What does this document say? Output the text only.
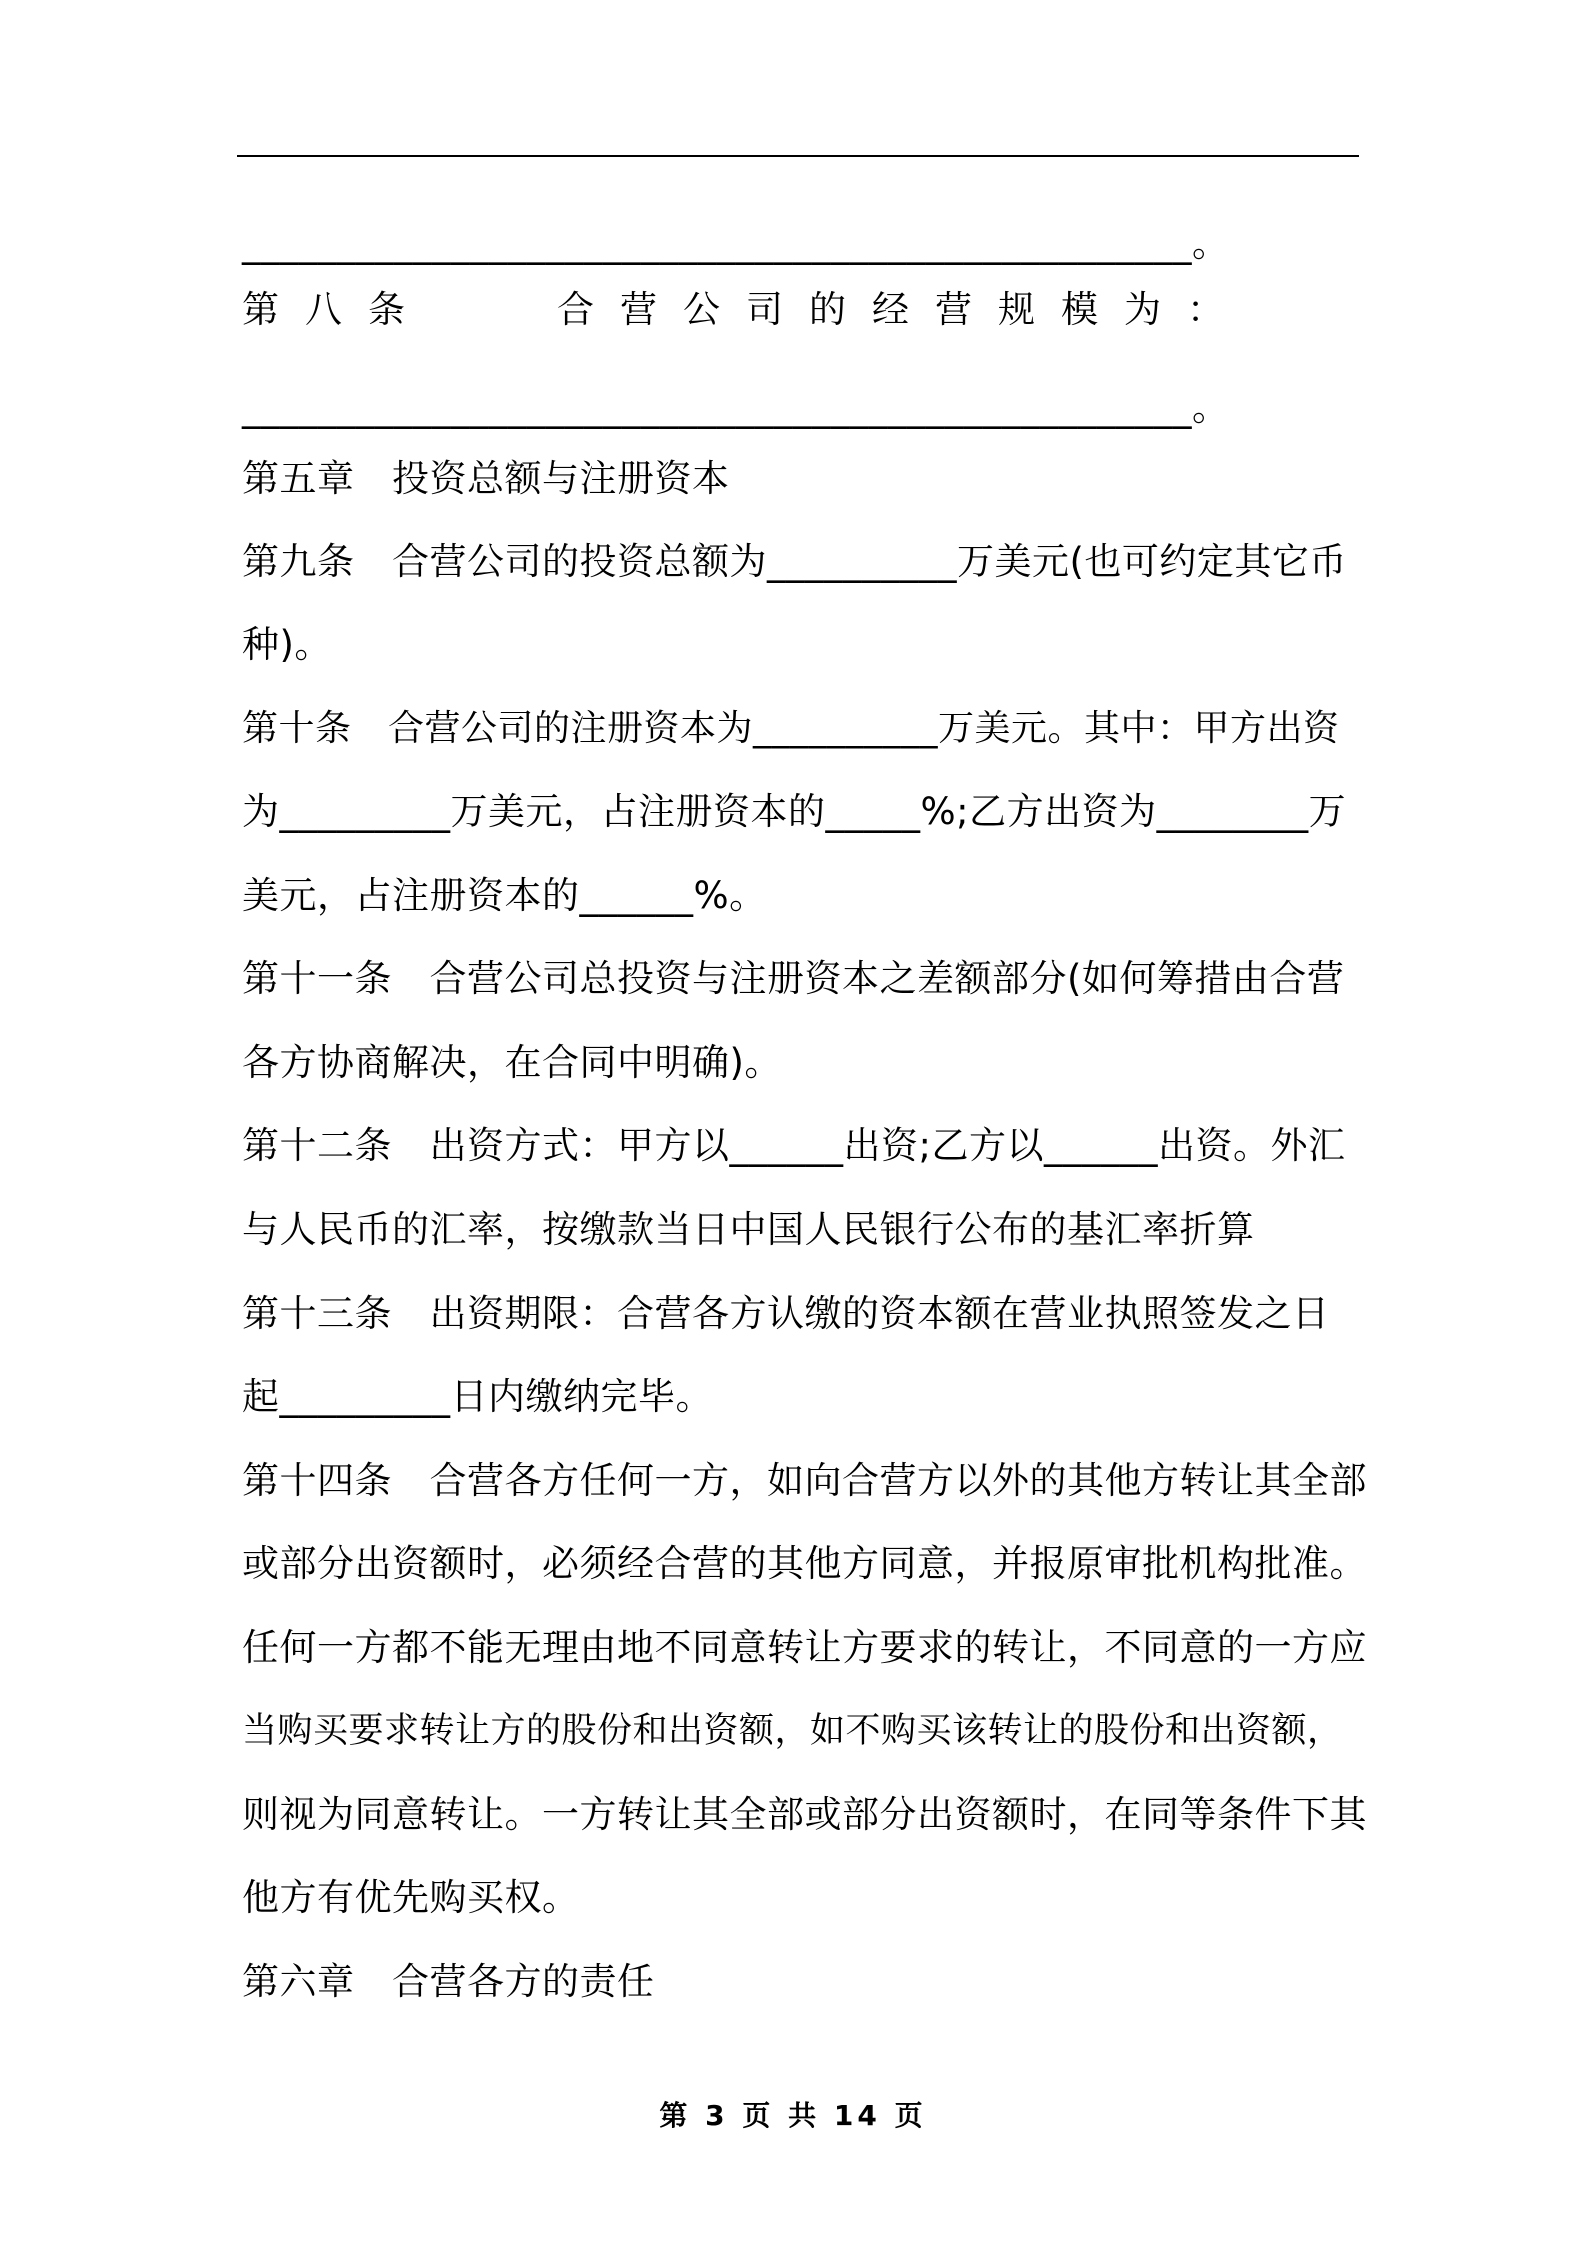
__________________________________________________。
第八条　　合营公司的经营规模为：
__________________________________________________。
第五章　投资总额与注册资本
第九条　合营公司的投资总额为__________万美元(也可约定其它币
种)。
第十条　合营公司的注册资本为__________万美元。其中：甲方出资
为_________万美元，占注册资本的_____%;乙方出资为________万
美元，占注册资本的______%。
第十一条　合营公司总投资与注册资本之差额部分(如何筹措由合营
各方协商解决，在合同中明确)。
第十二条　出资方式：甲方以______出资;乙方以______出资。外汇
与人民币的汇率，按缴款当日中国人民银行公布的基汇率折算
第十三条　出资期限：合营各方认缴的资本额在营业执照签发之日
起_________日内缴纳完毕。
第十四条　合营各方任何一方，如向合营方以外的其他方转让其全部
或部分出资额时，必须经合营的其他方同意，并报原审批机构批准。
任何一方都不能无理由地不同意转让方要求的转让，不同意的一方应
当购买要求转让方的股份和出资额，如不购买该转让的股份和出资额，
则视为同意转让。一方转让其全部或部分出资额时，在同等条件下其
他方有优先购买权。
第六章　合营各方的责任
第 3 页 共 14 页
